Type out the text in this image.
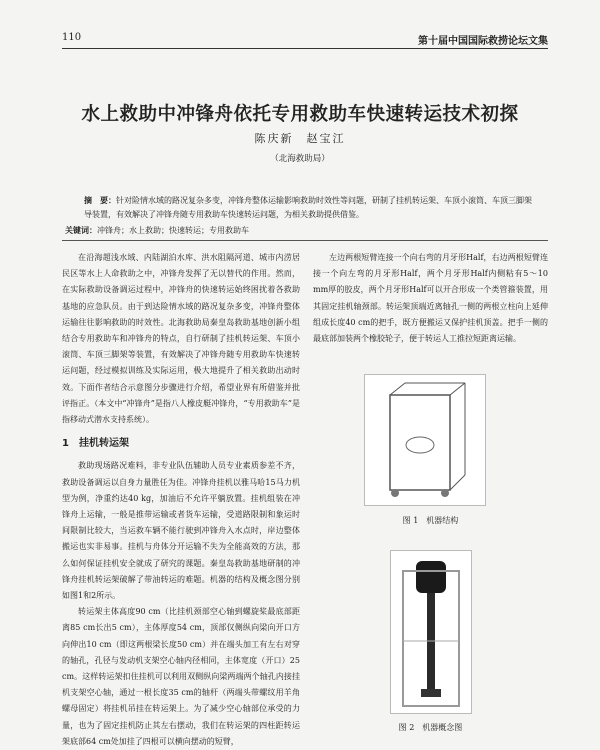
110	第十届中国国际救捞论坛文集
水上救助中冲锋舟依托专用救助车快速转运技术初探
陈庆新　赵宝江
（北海救助局）
摘　要：针对险情水域的路况复杂多变，冲锋舟整体运输影响救助时效性等问题，研制了挂机转运架、车顶小滚筒、车顶三脚架导装置，有效解决了冲锋舟随专用救助车快速转运问题，为相关救助提供借鉴。
关键词：冲锋舟；水上救助；快速转运；专用救助车

在沿海超浅水域、内陆湖泊水库、洪水阻隔河道、城市内涝居民区等水上人命救助之中，冲锋舟发挥了无以替代的作用。然而，在实际救助设备调运过程中，冲锋舟的快速转运始终困扰着各救助基地的应急队员。由于到达险情水域的路况复杂多变，冲锋舟整体运输往往影响救助的时效性。北海救助局秦皇岛救助基地创新小组结合专用救助车和冲锋舟的特点，自行研制了挂机转运架、车顶小滚筒、车顶三脚架等装置，有效解决了冲锋舟随专用救助车快速转运问题，经过模拟训练及实际运用，极大地提升了相关救助出动时效。下面作者结合示意图分步骤进行介绍，希望业界有所借鉴并批评指正。（本文中“冲锋舟”是指八人橡皮艇冲锋舟，“专用救助车”是指移动式潜水支持系统）。

1　挂机转运架

救助现场路况难料，非专业队伍辅助人员专业素质参差不齐，救助设备调运以自身力量胜任为佳。冲锋舟挂机以雅马哈15马力机型为例，净重约达40 kg，加油后不允许平躺放置。挂机组装在冲锋舟上运输，一般是推带运输或者货车运输，受道路限制和象运时间限制比较大，当运救车辆不能行驶到冲锋舟入水点时，岸边整体搬运也实非易事。挂机与舟体分开运输不失为全能高效的方法，那么如何保证挂机安全就成了研究的课题。秦皇岛救助基地研制的冲锋舟挂机转运架破解了带油转运的难题。机器的结构及概念图分别如图1和2所示。

转运架主体高度90 cm（比挂机颈部空心轴到螺旋桨最底部距离85 cm长出5 cm），主体厚度54 cm，顶部仅侧纵向梁向开口方向伸出10 cm（即这两根梁长度50 cm）并在端头加工有左右对穿的轴孔，孔径与发动机支架空心轴内径相同，主体宽度（开口）25 cm。这样转运架扣住挂机可以利用双侧纵向梁两端两个轴孔内接挂机支架空心轴，通过一根长度35 cm的轴杆（两端头带螺纹用羊角螺母固定）将挂机吊挂在转运架上。为了减少空心轴部位承受的力量，也为了固定挂机防止其左右摆动，我们在转运架的四柱距转运架底部64 cm处加挂了四根可以横向摆动的短臂，

左边两根短臂连接一个向右弯的月牙形Half，右边两根短臂连接一个向左弯的月牙形Half，两个月牙形Half内侧粘有5～10 mm厚的胶皮，两个月牙形Half可以开合形成一个类管箍装置，用其固定挂机轴颈部。转运架顶端近离轴孔一侧的两根立柱向上延伸组成长度40 cm的把手，既方便搬运又保护挂机顶盖。把手一侧的最底部加装两个橡胶轮子，便于转运人工推拉短距离运输。

图 1　机器结构
图 2　机器概念图
